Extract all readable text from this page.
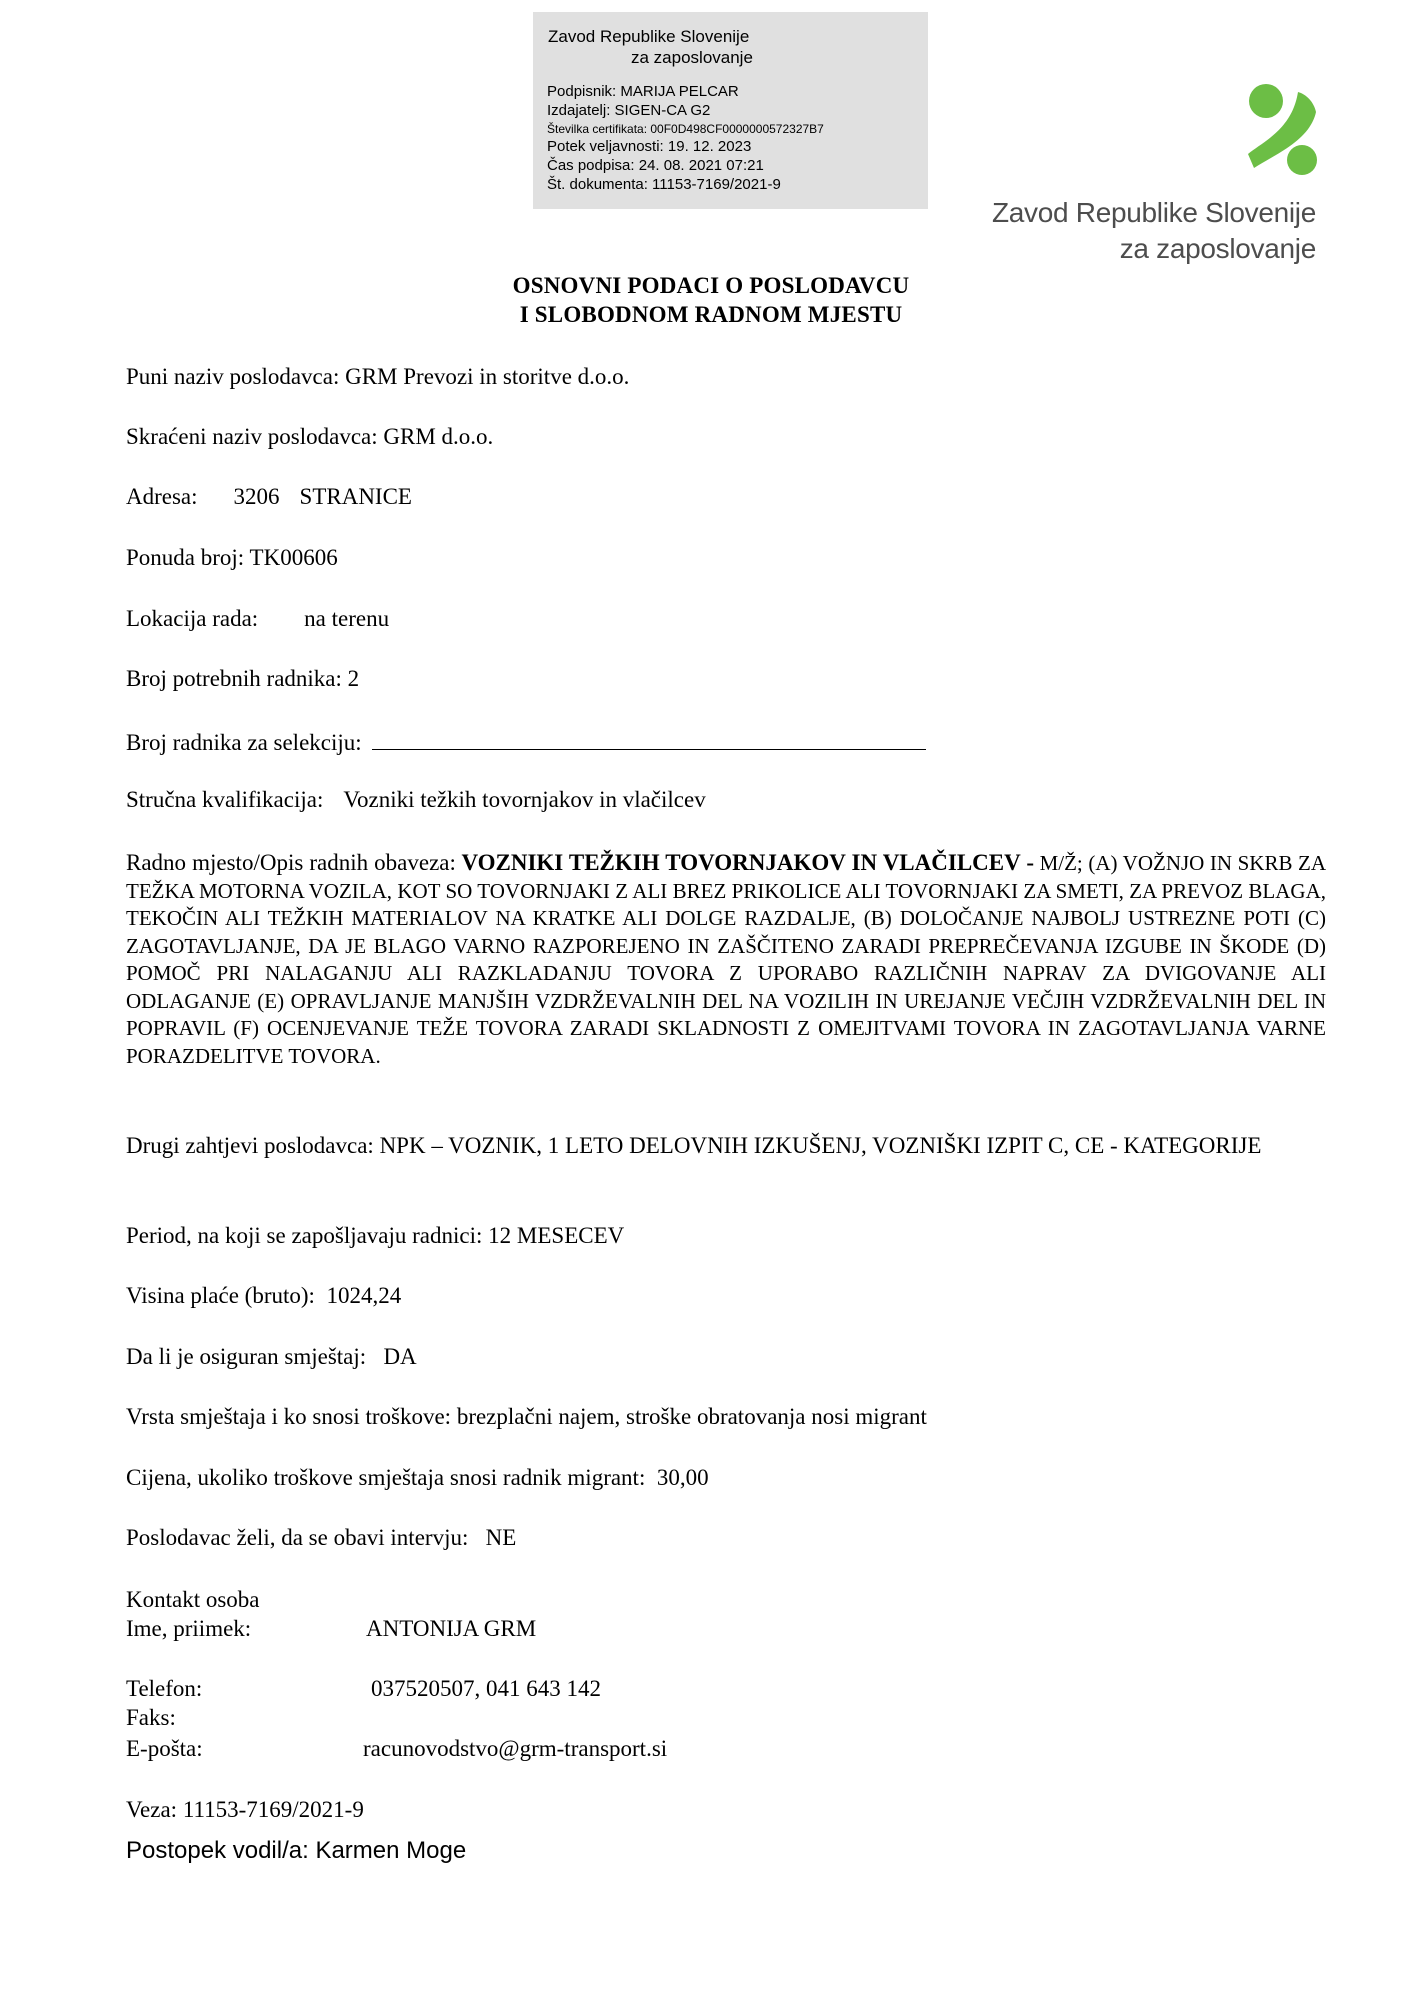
Zavod Republike Slovenije
za zaposlovanje
Podpisnik: MARIJA PELCAR
Izdajatelj: SIGEN-CA G2
Številka certifikata: 00F0D498CF0000000572327B7
Potek veljavnosti: 19. 12. 2023
Čas podpisa: 24. 08. 2021 07:21
Št. dokumenta: 11153-7169/2021-9
Zavod Republike Slovenije
za zaposlovanje
OSNOVNI PODACI O POSLODAVCU
I SLOBODNOM RADNOM MJESTU
Puni naziv poslodavca: GRM Prevozi in storitve d.o.o.
Skraćeni naziv poslodavca: GRM d.o.o.
Adresa: 3206 STRANICE
Ponuda broj: TK00606
Lokacija rada: na terenu
Broj potrebnih radnika: 2
Broj radnika za selekciju:
Stručna kvalifikacija: Vozniki težkih tovornjakov in vlačilcev
Radno mjesto/Opis radnih obaveza: VOZNIKI TEŽKIH TOVORNJAKOV IN VLAČILCEV - M/Ž; (A) VOŽNJO IN SKRB ZA TEŽKA MOTORNA VOZILA, KOT SO TOVORNJAKI Z ALI BREZ PRIKOLICE ALI TOVORNJAKI ZA SMETI, ZA PREVOZ BLAGA, TEKOČIN ALI TEŽKIH MATERIALOV NA KRATKE ALI DOLGE RAZDALJE, (B) DOLOČANJE NAJBOLJ USTREZNE POTI (C) ZAGOTAVLJANJE, DA JE BLAGO VARNO RAZPOREJENO IN ZAŠČITENO ZARADI PREPREČEVANJA IZGUBE IN ŠKODE (D) POMOČ PRI NALAGANJU ALI RAZKLADANJU TOVORA Z UPORABO RAZLIČNIH NAPRAV ZA DVIGOVANJE ALI ODLAGANJE (E) OPRAVLJANJE MANJŠIH VZDRŽEVALNIH DEL NA VOZILIH IN UREJANJE VEČJIH VZDRŽEVALNIH DEL IN POPRAVIL (F) OCENJEVANJE TEŽE TOVORA ZARADI SKLADNOSTI Z OMEJITVAMI TOVORA IN ZAGOTAVLJANJA VARNE PORAZDELITVE TOVORA.
Drugi zahtjevi poslodavca: NPK – VOZNIK, 1 LETO DELOVNIH IZKUŠENJ, VOZNIŠKI IZPIT C, CE - KATEGORIJE
Period, na koji se zapošljavaju radnici: 12 MESECEV
Visina plaće (bruto): 1024,24
Da li je osiguran smještaj: DA
Vrsta smještaja i ko snosi troškove: brezplačni najem, stroške obratovanja nosi migrant
Cijena, ukoliko troškove smještaja snosi radnik migrant: 30,00
Poslodavac želi, da se obavi intervju: NE
Kontakt osoba
Ime, priimek:	ANTONIJA GRM
Telefon:	037520507, 041 643 142
Faks:
E-pošta:	racunovodstvo@grm-transport.si
Veza: 11153-7169/2021-9
Postopek vodil/a: Karmen Moge
